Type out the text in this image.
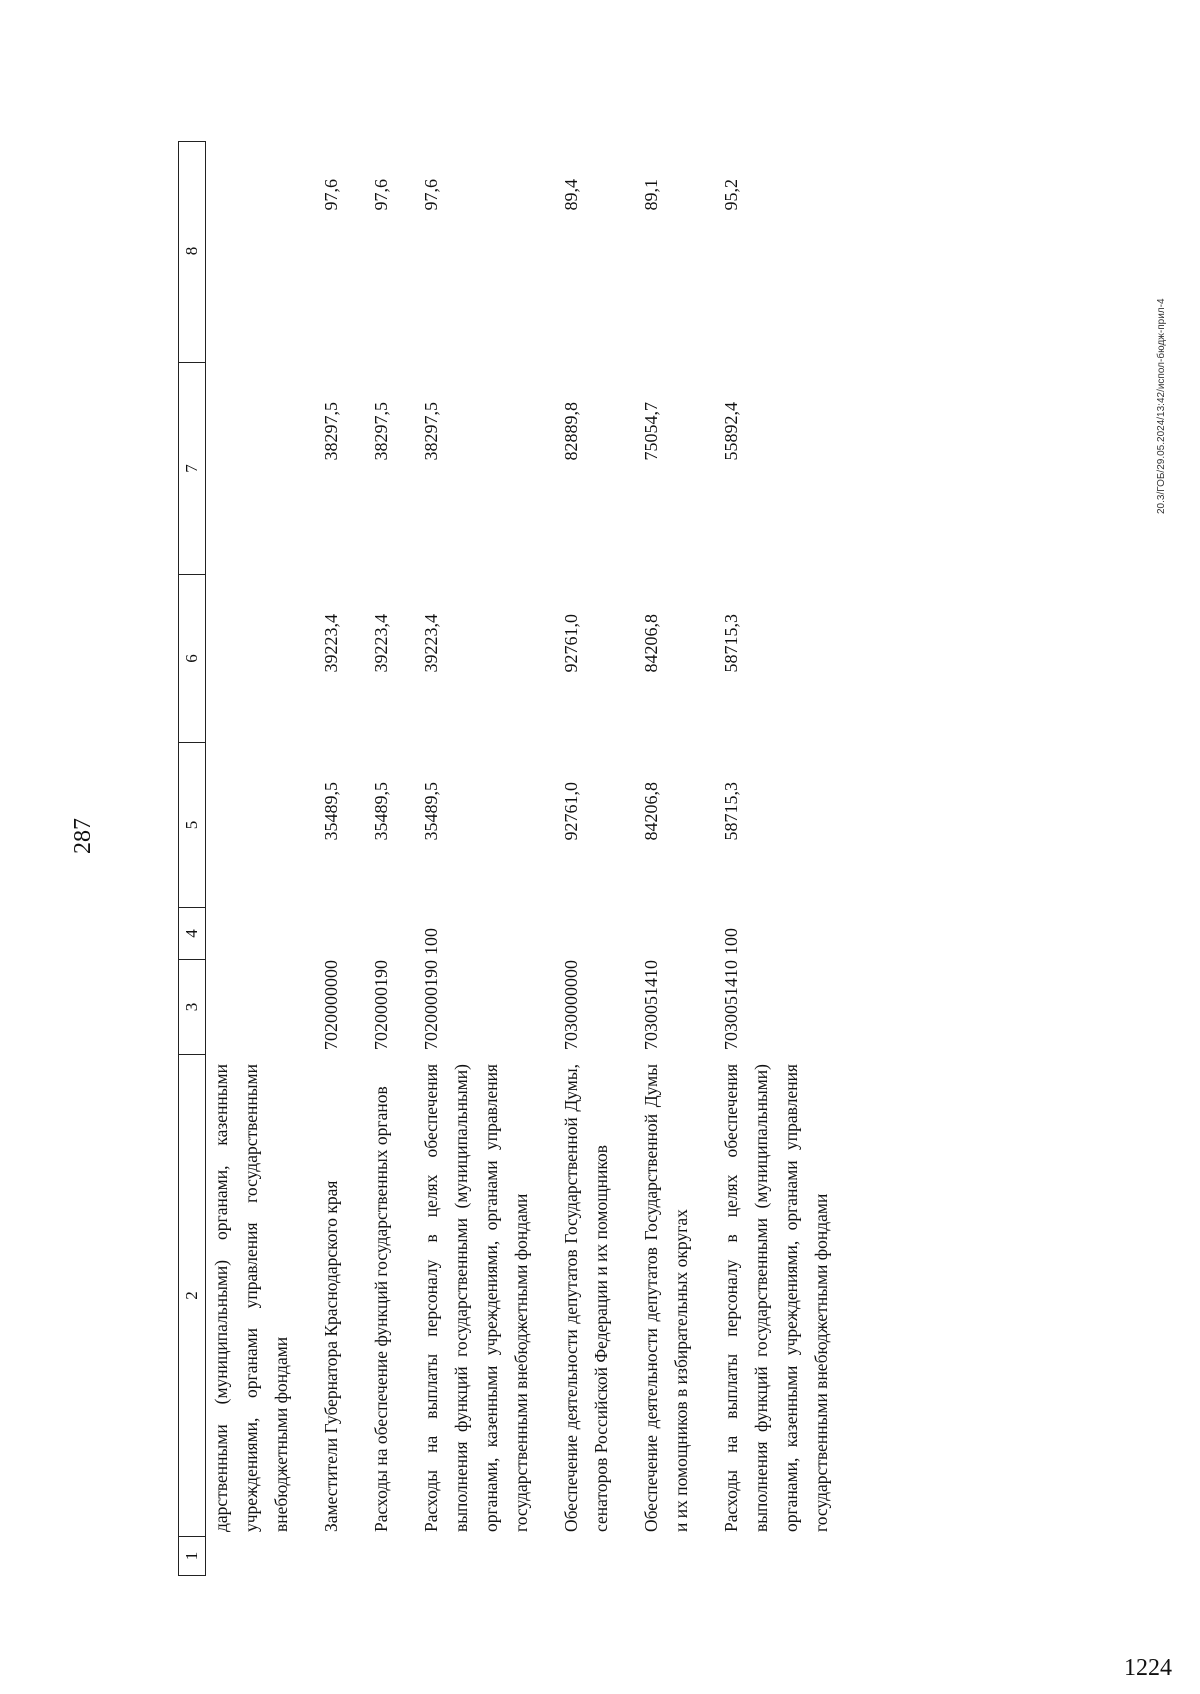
287
1
2
3
4
5
6
7
8
дарственными (муниципальными) органами, казенными учреждениями, органами управления государственными внебюджетными фондами Заместители Губернатора Краснодарского края
7020000000
35489,5
39223,4
38297,5
97,6
Расходы на обеспечение функций государственных органов
7020000190
35489,5
39223,4
38297,5
97,6
Расходы на выплаты персоналу в целях обеспечения выполнения функций государственными (муниципальными) органами, казенными учреждениями, органами управления государственными внебюджетными фондами
7020000190
100
35489,5
39223,4
38297,5
97,6
Обеспечение деятельности депутатов Государственной Думы, сенаторов Российской Федерации и их помощников
7030000000
92761,0
92761,0
82889,8
89,4
Обеспечение деятельности депутатов Государственной Думы и их помощников в избирательных округах
7030051410
84206,8
84206,8
75054,7
89,1
Расходы на выплаты персоналу в целях обеспечения выполнения функций государственными (муниципальными) органами, казенными учреждениями, органами управления государственными внебюджетными фондами
7030051410
100
58715,3
58715,3
55892,4
95,2
20.3/ГОБ/29.05.2024/13:42/испол-бюдж-прил-4
1224
